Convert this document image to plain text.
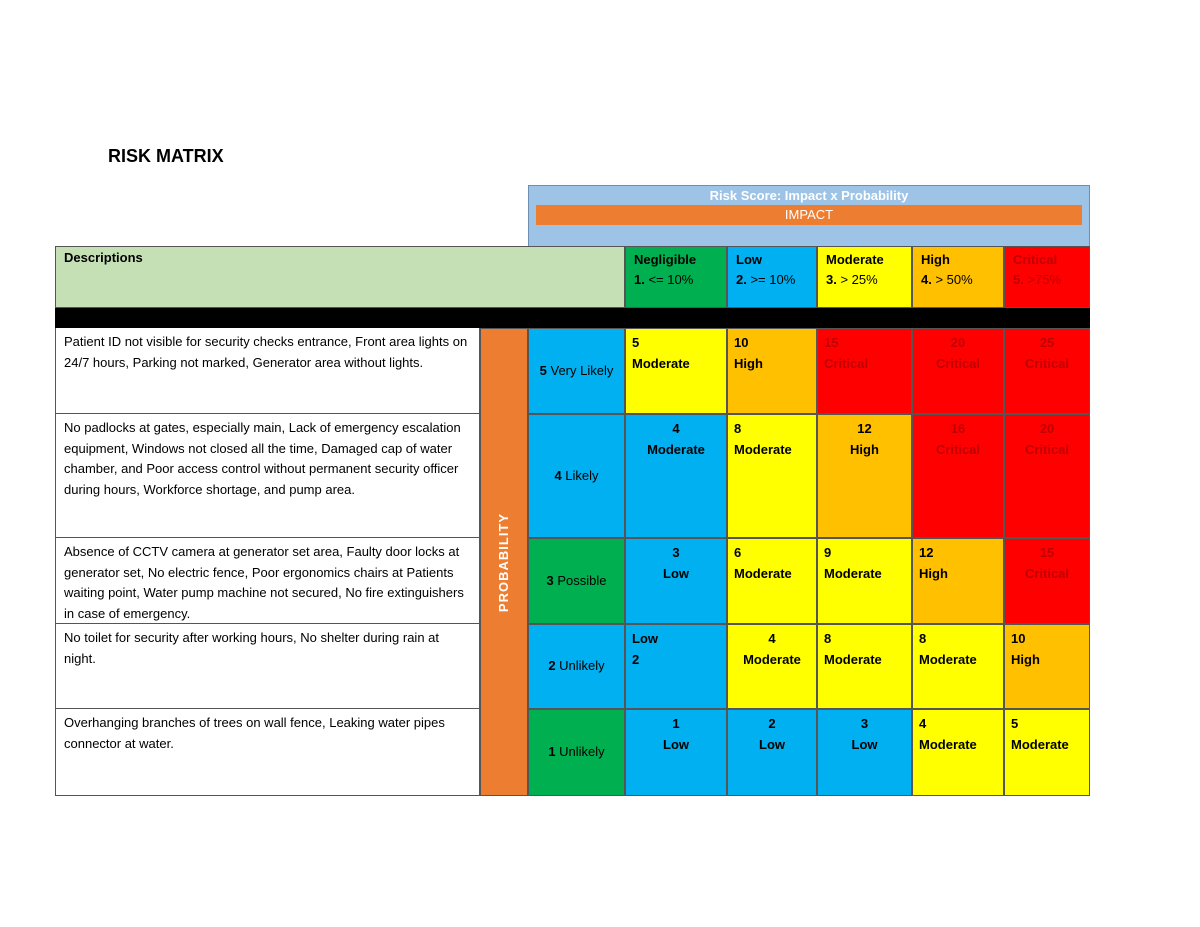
RISK MATRIX
Risk Score: Impact x Probability
IMPACT
Descriptions	Negligible
1. <= 10%
Low
2. >= 10%
Moderate
3. > 25%
High
4. > 50%
Critical
5. >75%
Patient ID not visible for security checks entrance, Front area lights on 24/7 hours, Parking not marked, Generator area without lights.
5 Very Likely
5
Moderate
10
High
15
Critical
20
Critical
25
Critical
No padlocks at gates, especially main, Lack of emergency escalation equipment, Windows not closed all the time, Damaged cap of water chamber, and Poor access control without permanent security officer during hours, Workforce shortage, and pump area.
4 Likely
4
Moderate
8
Moderate
12
High
16
Critical
20
Critical
Absence of CCTV camera at generator set area, Faulty door locks at generator set, No electric fence, Poor ergonomics chairs at Patients waiting point, Water pump machine not secured, No fire extinguishers in case of emergency.
3 Possible
3
Low
6
Moderate
9
Moderate
12
High
15
Critical
No toilet for security after working hours, No shelter during rain at night.
2 Unlikely
Low
2
4
Moderate
8
Moderate
8
Moderate
10
High
Overhanging branches of trees on wall fence, Leaking water pipes connector at water.
1 Unlikely
1
Low
2
Low
3
Low
4
Moderate
5
Moderate
PROBABILITY
